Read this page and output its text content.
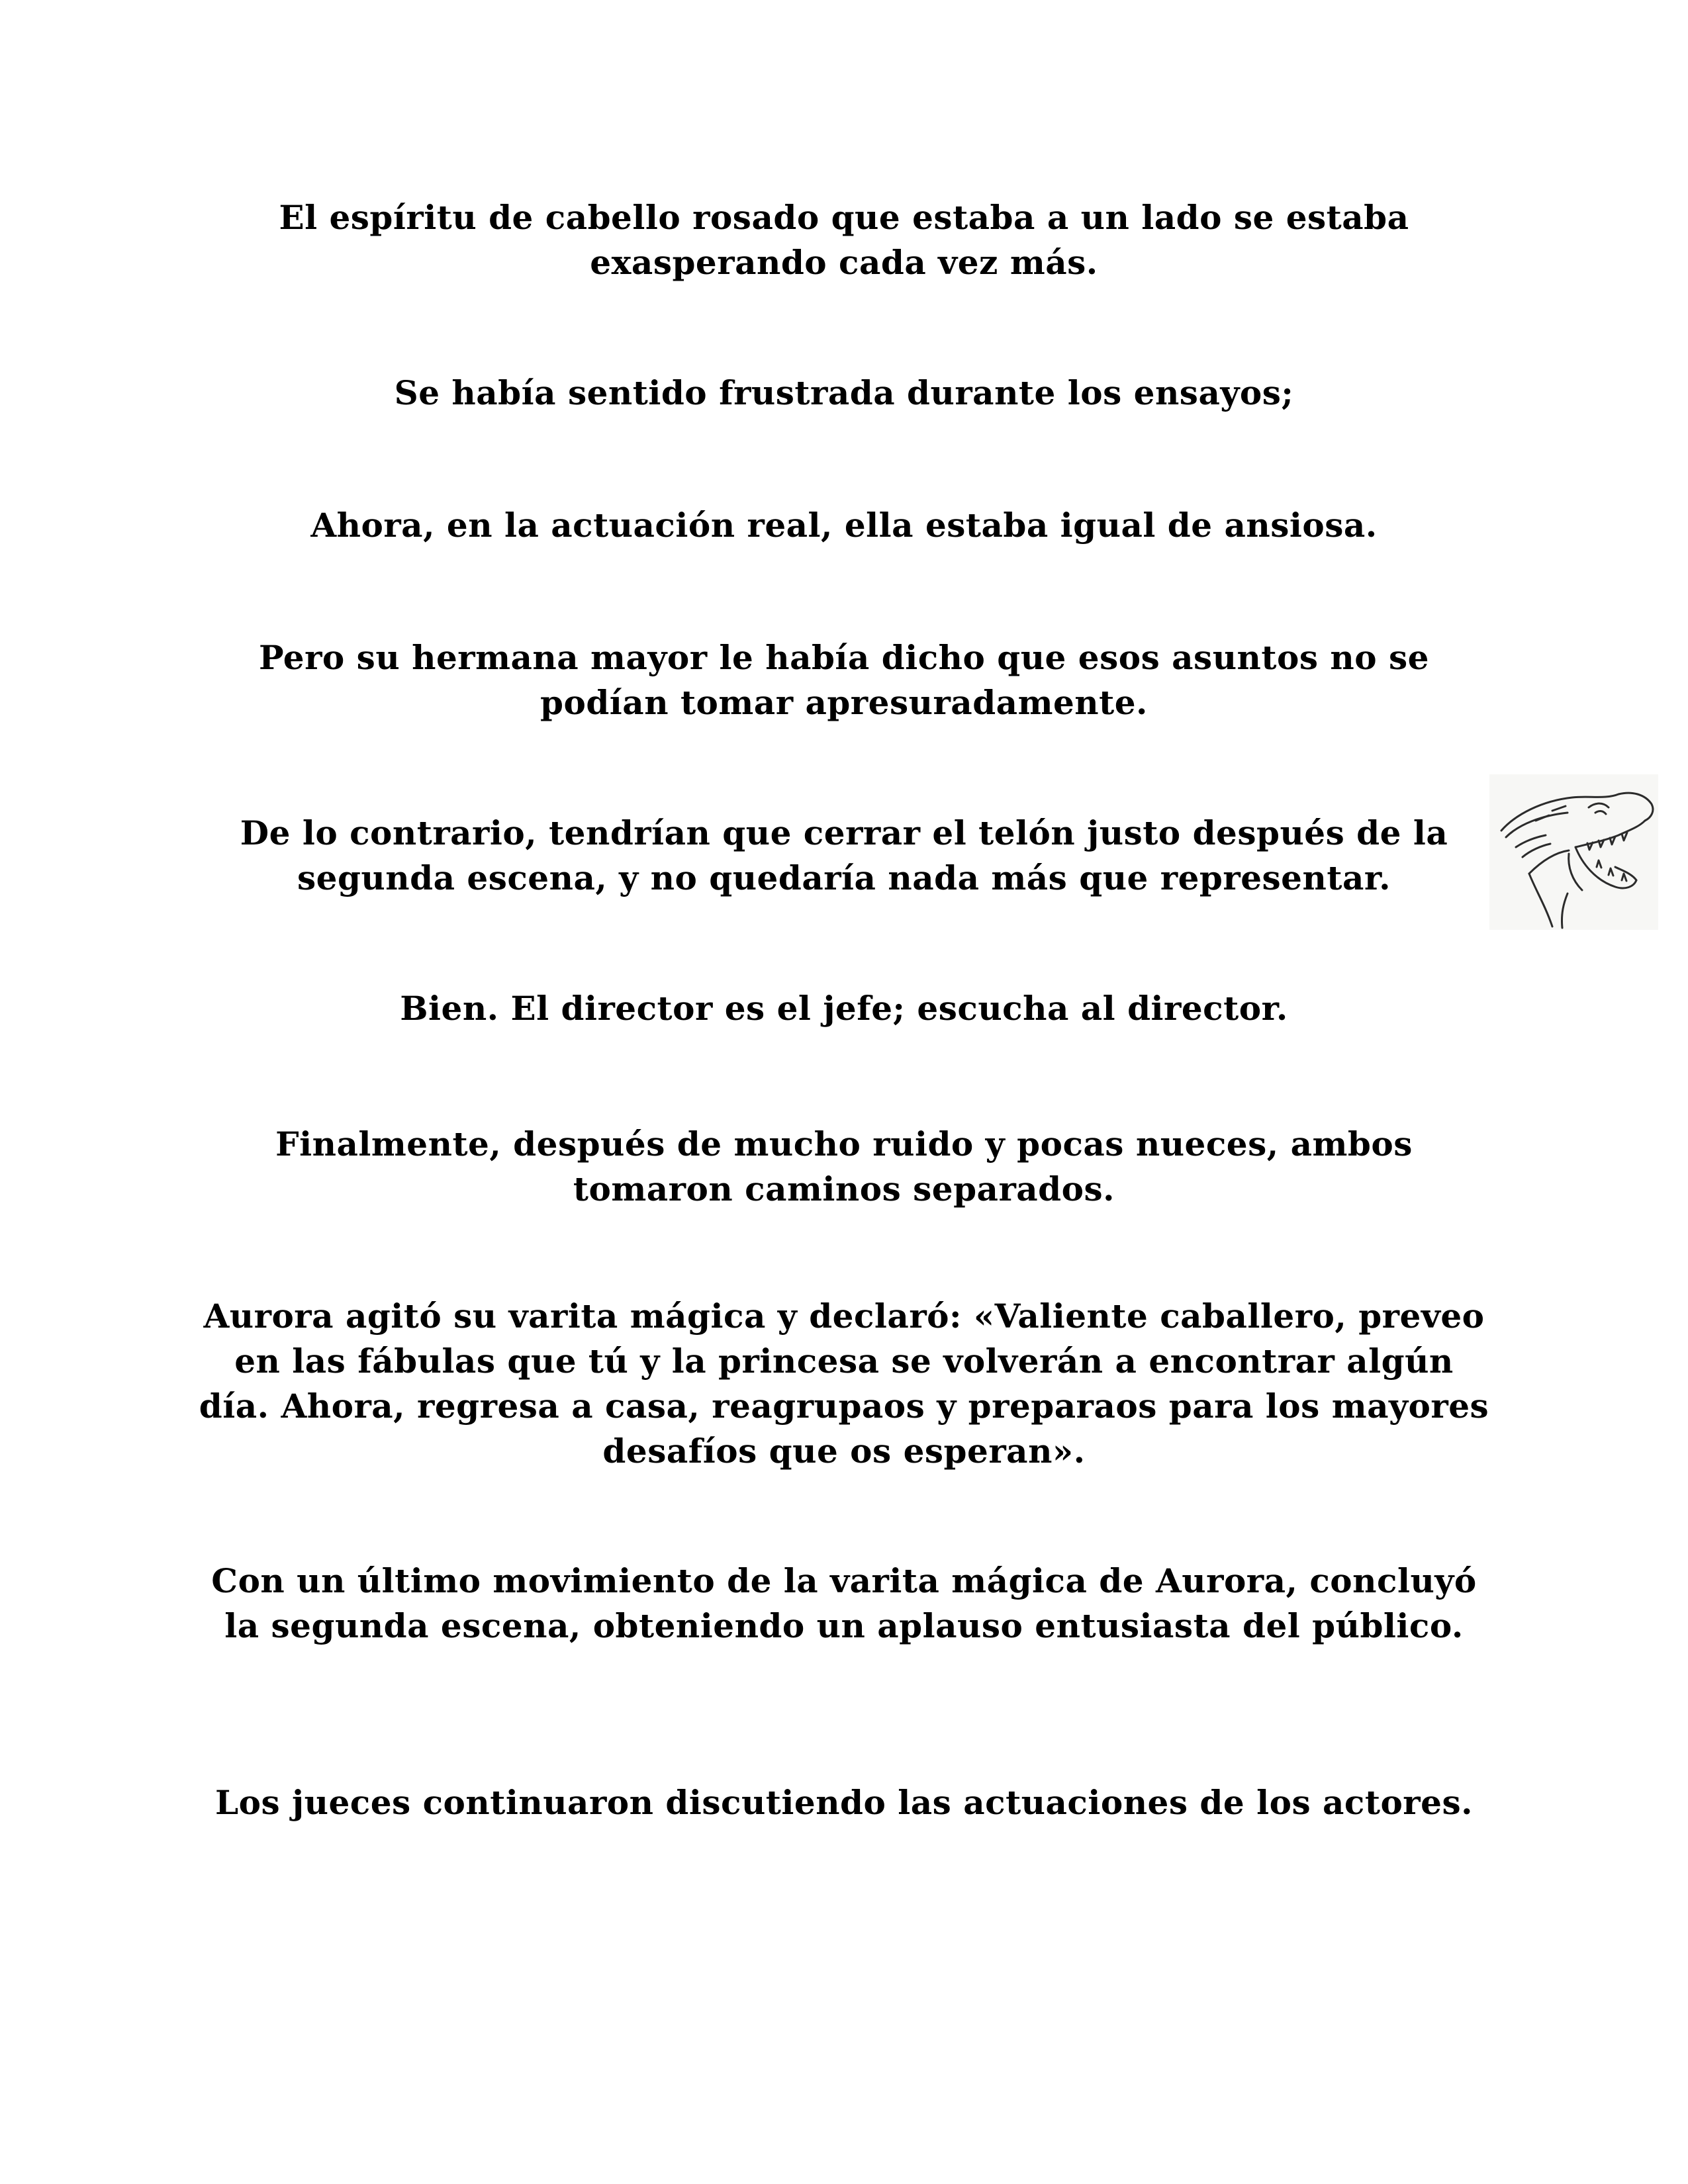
El espíritu de cabello rosado que estaba a un lado se estaba exasperando cada vez más.

Se había sentido frustrada durante los ensayos;

Ahora, en la actuación real, ella estaba igual de ansiosa.

Pero su hermana mayor le había dicho que esos asuntos no se podían tomar apresuradamente.

De lo contrario, tendrían que cerrar el telón justo después de la segunda escena, y no quedaría nada más que representar.

Bien. El director es el jefe; escucha al director.

Finalmente, después de mucho ruido y pocas nueces, ambos tomaron caminos separados.

Aurora agitó su varita mágica y declaró: «Valiente caballero, preveo en las fábulas que tú y la princesa se volverán a encontrar algún día. Ahora, regresa a casa, reagrupaos y preparaos para los mayores desafíos que os esperan».

Con un último movimiento de la varita mágica de Aurora, concluyó la segunda escena, obteniendo un aplauso entusiasta del público.

Los jueces continuaron discutiendo las actuaciones de los actores.
